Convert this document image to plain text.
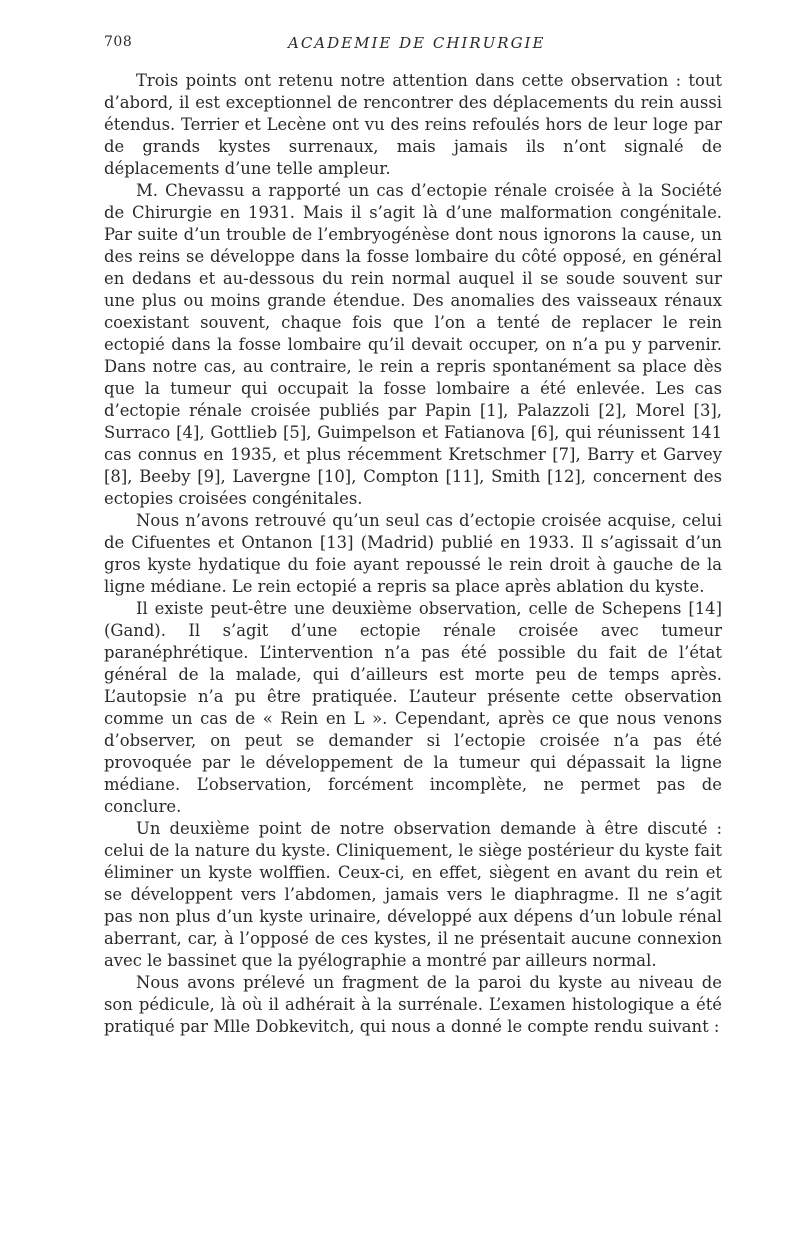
708	ACADEMIE DE CHIRURGIE

Trois points ont retenu notre attention dans cette observation : tout d’abord, il est exceptionnel de rencontrer des déplacements du rein aussi étendus. Terrier et Lecène ont vu des reins refoulés hors de leur loge par de grands kystes surrenaux, mais jamais ils n’ont signalé de déplacements d’une telle ampleur.

M. Chevassu a rapporté un cas d’ectopie rénale croisée à la Société de Chirurgie en 1931. Mais il s’agit là d’une malformation congénitale. Par suite d’un trouble de l’embryogénèse dont nous ignorons la cause, un des reins se développe dans la fosse lombaire du côté opposé, en général en dedans et au-dessous du rein normal auquel il se soude souvent sur une plus ou moins grande étendue. Des anomalies des vaisseaux rénaux coexistant souvent, chaque fois que l’on a tenté de replacer le rein ectopié dans la fosse lombaire qu’il devait occuper, on n’a pu y parvenir. Dans notre cas, au contraire, le rein a repris spontanément sa place dès que la tumeur qui occupait la fosse lombaire a été enlevée. Les cas d’ectopie rénale croisée publiés par Papin [1], Palazzoli [2], Morel [3], Surraco [4], Gottlieb [5], Guimpelson et Fatianova [6], qui réunissent 141 cas connus en 1935, et plus récemment Kretschmer [7], Barry et Garvey [8], Beeby [9], Lavergne [10], Compton [11], Smith [12], concernent des ectopies croisées congénitales.

Nous n’avons retrouvé qu’un seul cas d’ectopie croisée acquise, celui de Cifuentes et Ontanon [13] (Madrid) publié en 1933. Il s’agissait d’un gros kyste hydatique du foie ayant repoussé le rein droit à gauche de la ligne médiane. Le rein ectopié a repris sa place après ablation du kyste.

Il existe peut-être une deuxième observation, celle de Schepens [14] (Gand). Il s’agit d’une ectopie rénale croisée avec tumeur paranéphrétique. L’intervention n’a pas été possible du fait de l’état général de la malade, qui d’ailleurs est morte peu de temps après. L’autopsie n’a pu être pratiquée. L’auteur présente cette observation comme un cas de « Rein en L ». Cependant, après ce que nous venons d’observer, on peut se demander si l’ectopie croisée n’a pas été provoquée par le développement de la tumeur qui dépassait la ligne médiane. L’observation, forcément incomplète, ne permet pas de conclure.

Un deuxième point de notre observation demande à être discuté : celui de la nature du kyste. Cliniquement, le siège postérieur du kyste fait éliminer un kyste wolffien. Ceux-ci, en effet, siègent en avant du rein et se développent vers l’abdomen, jamais vers le diaphragme. Il ne s’agit pas non plus d’un kyste urinaire, développé aux dépens d’un lobule rénal aberrant, car, à l’opposé de ces kystes, il ne présentait aucune connexion avec le bassinet que la pyélographie a montré par ailleurs normal.

Nous avons prélevé un fragment de la paroi du kyste au niveau de son pédicule, là où il adhérait à la surrénale. L’examen histologique a été pratiqué par Mlle Dobkevitch, qui nous a donné le compte rendu suivant :
